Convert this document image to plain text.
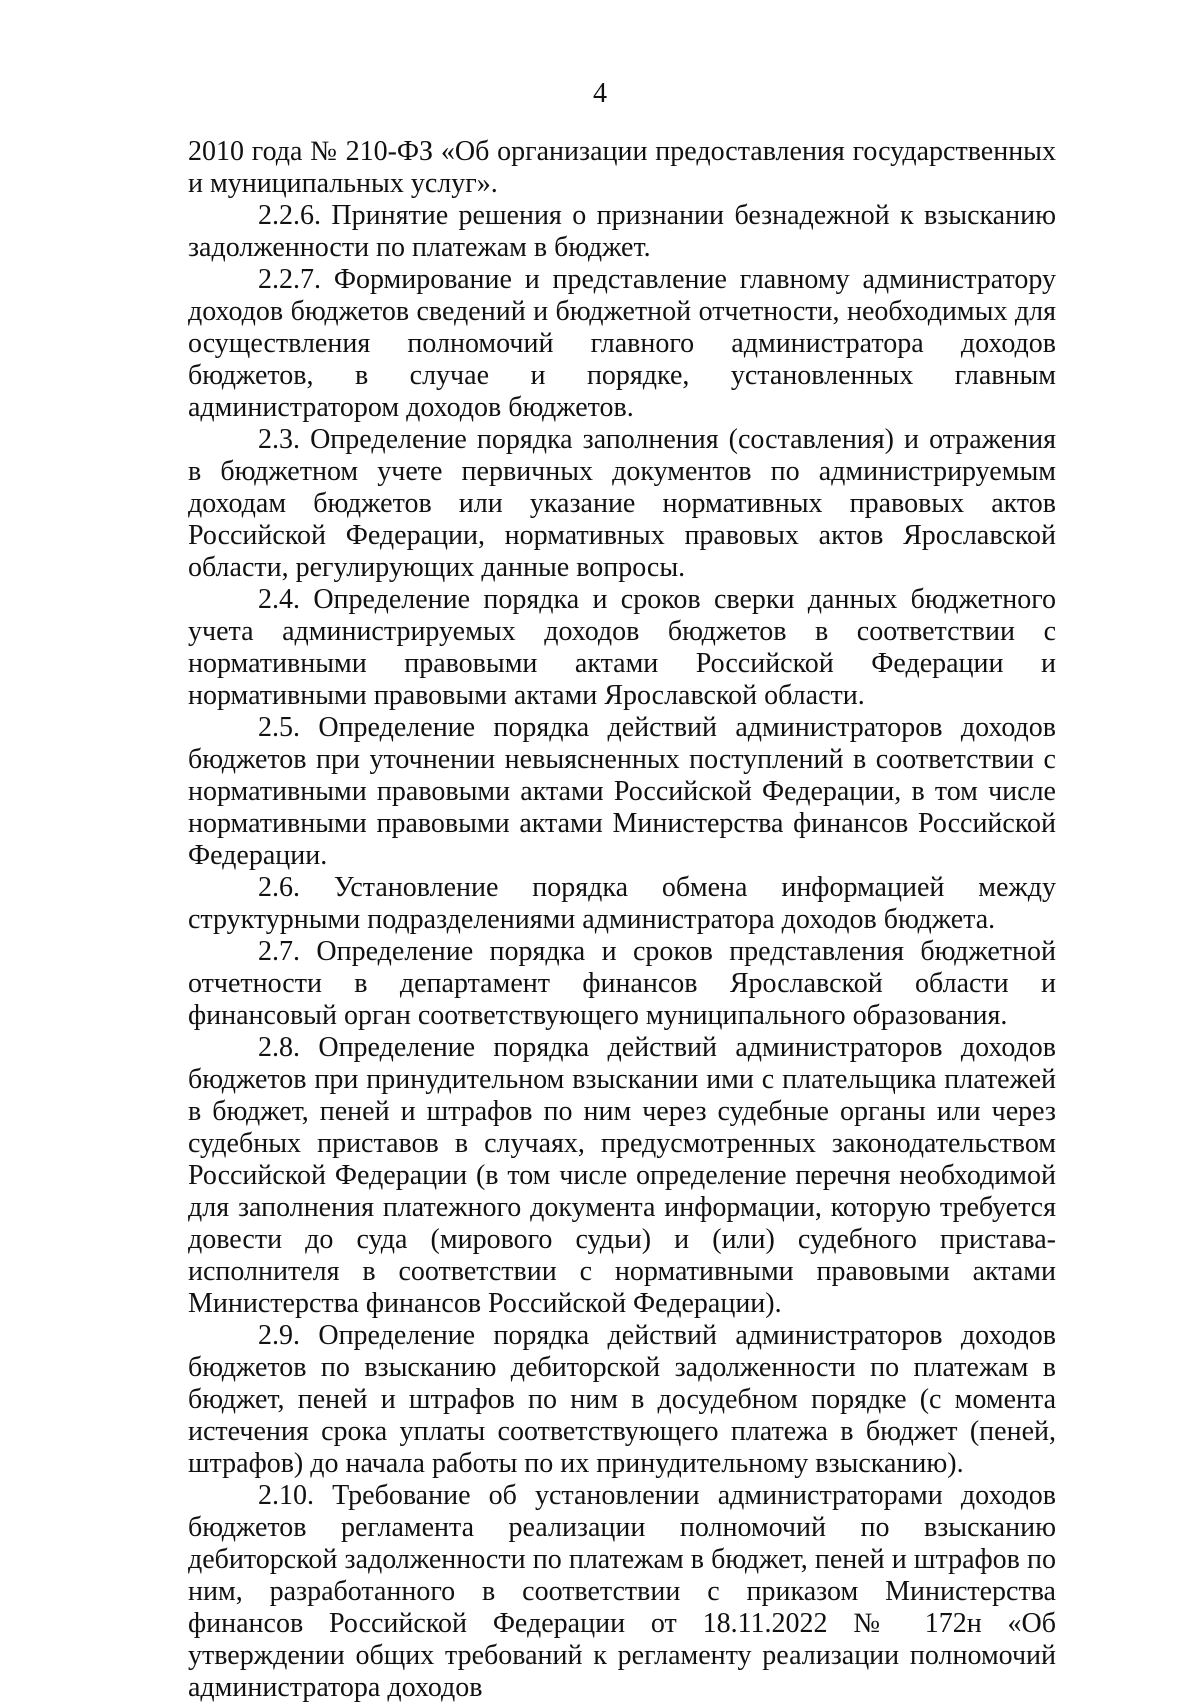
4

2010 года № 210-ФЗ «Об организации предоставления государственных и муниципальных услуг».

2.2.6. Принятие решения о признании безнадежной к взысканию задолженности по платежам в бюджет.

2.2.7. Формирование и представление главному администратору доходов бюджетов сведений и бюджетной отчетности, необходимых для осуществления полномочий главного администратора доходов бюджетов, в случае и порядке, установленных главным администратором доходов бюджетов.

2.3. Определение порядка заполнения (составления) и отражения в бюджетном учете первичных документов по администрируемым доходам бюджетов или указание нормативных правовых актов Российской Федерации, нормативных правовых актов Ярославской области, регулирующих данные вопросы.

2.4. Определение порядка и сроков сверки данных бюджетного учета администрируемых доходов бюджетов в соответствии с нормативными правовыми актами Российской Федерации и нормативными правовыми актами Ярославской области.

2.5. Определение порядка действий администраторов доходов бюджетов при уточнении невыясненных поступлений в соответствии с нормативными правовыми актами Российской Федерации, в том числе нормативными правовыми актами Министерства финансов Российской Федерации.

2.6. Установление порядка обмена информацией между структурными подразделениями администратора доходов бюджета.

2.7. Определение порядка и сроков представления бюджетной отчетности в департамент финансов Ярославской области и финансовый орган соответствующего муниципального образования.

2.8. Определение порядка действий администраторов доходов бюджетов при принудительном взыскании ими с плательщика платежей в бюджет, пеней и штрафов по ним через судебные органы или через судебных приставов в случаях, предусмотренных законодательством Российской Федерации (в том числе определение перечня необходимой для заполнения платежного документа информации, которую требуется довести до суда (мирового судьи) и (или) судебного пристава-исполнителя в соответствии с нормативными правовыми актами Министерства финансов Российской Федерации).

2.9. Определение порядка действий администраторов доходов бюджетов по взысканию дебиторской задолженности по платежам в бюджет, пеней и штрафов по ним в досудебном порядке (с момента истечения срока уплаты соответствующего платежа в бюджет (пеней, штрафов) до начала работы по их принудительному взысканию).

2.10. Требование об установлении администраторами доходов бюджетов регламента реализации полномочий по взысканию дебиторской задолженности по платежам в бюджет, пеней и штрафов по ним, разработанного в соответствии с приказом Министерства финансов Российской Федерации от 18.11.2022 № 172н «Об утверждении общих требований к регламенту реализации полномочий администратора доходов
